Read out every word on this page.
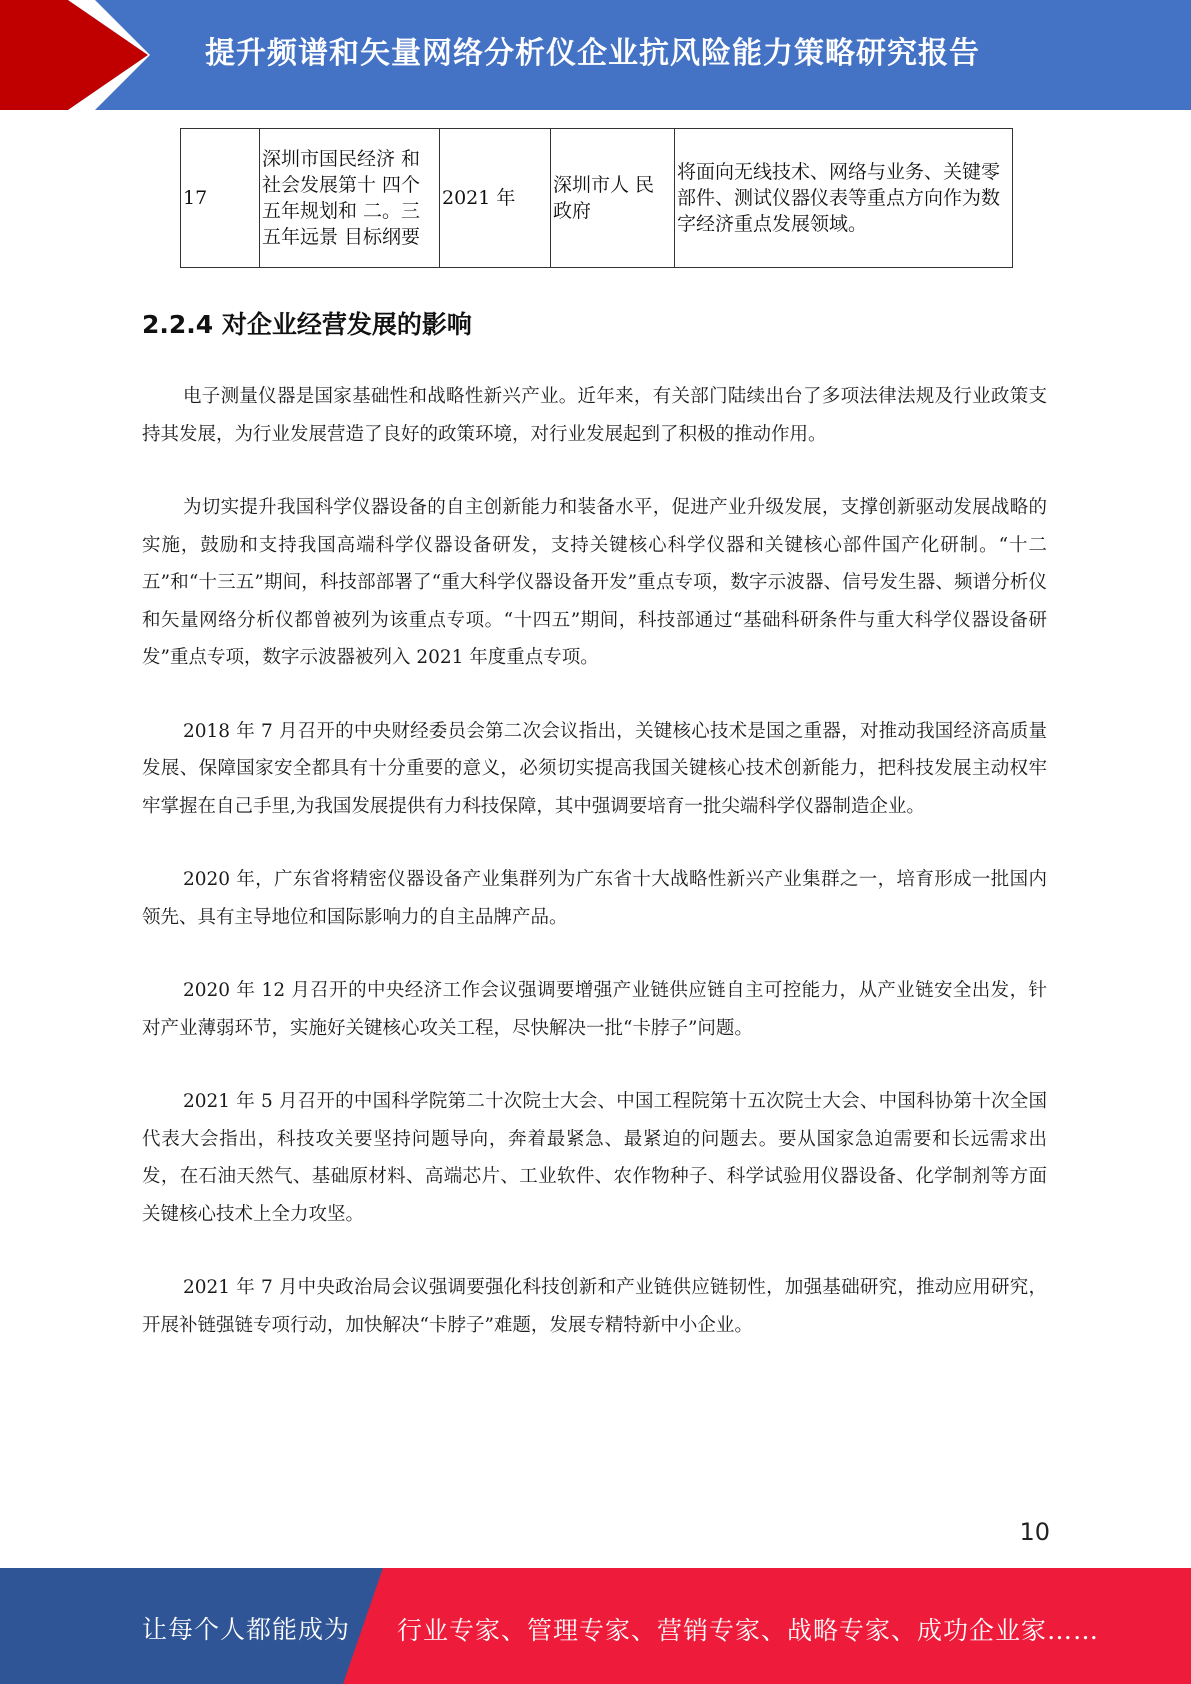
提升频谱和矢量网络分析仪企业抗风险能力策略研究报告
17	深圳市国民经济 和社会发展第十 四个五年规划和 二。三五年远景 目标纲要	2021 年	深圳市人 民政府	将面向无线技术、网络与业务、关键零部件、测试仪器仪表等重点方向作为数字经济重点发展领域。
2.2.4 对企业经营发展的影响

电子测量仪器是国家基础性和战略性新兴产业。近年来，有关部门陆续出台了多项法律法规及行业政策支持其发展，为行业发展营造了良好的政策环境，对行业发展起到了积极的推动作用。

为切实提升我国科学仪器设备的自主创新能力和装备水平，促进产业升级发展，支撑创新驱动发展战略的实施，鼓励和支持我国高端科学仪器设备研发，支持关键核心科学仪器和关键核心部件国产化研制。“十二五”和“十三五”期间，科技部部署了“重大科学仪器设备开发”重点专项，数字示波器、信号发生器、频谱分析仪和矢量网络分析仪都曾被列为该重点专项。“十四五”期间，科技部通过“基础科研条件与重大科学仪器设备研发”重点专项，数字示波器被列入 2021 年度重点专项。

2018 年 7 月召开的中央财经委员会第二次会议指出，关键核心技术是国之重器，对推动我国经济高质量发展、保障国家安全都具有十分重要的意义，必须切实提高我国关键核心技术创新能力，把科技发展主动权牢牢掌握在自己手里,为我国发展提供有力科技保障，其中强调要培育一批尖端科学仪器制造企业。

2020 年，广东省将精密仪器设备产业集群列为广东省十大战略性新兴产业集群之一，培育形成一批国内领先、具有主导地位和国际影响力的自主品牌产品。

2020 年 12 月召开的中央经济工作会议强调要增强产业链供应链自主可控能力，从产业链安全出发，针对产业薄弱环节，实施好关键核心攻关工程，尽快解决一批“卡脖子”问题。

2021 年 5 月召开的中国科学院第二十次院士大会、中国工程院第十五次院士大会、中国科协第十次全国代表大会指出，科技攻关要坚持问题导向，奔着最紧急、最紧迫的问题去。要从国家急迫需要和长远需求出发，在石油天然气、基础原材料、高端芯片、工业软件、农作物种子、科学试验用仪器设备、化学制剂等方面关键核心技术上全力攻坚。

2021 年 7 月中央政治局会议强调要强化科技创新和产业链供应链韧性，加强基础研究，推动应用研究，开展补链强链专项行动，加快解决“卡脖子”难题，发展专精特新中小企业。

10
让每个人都能成为 行业专家、管理专家、营销专家、战略专家、成功企业家……
